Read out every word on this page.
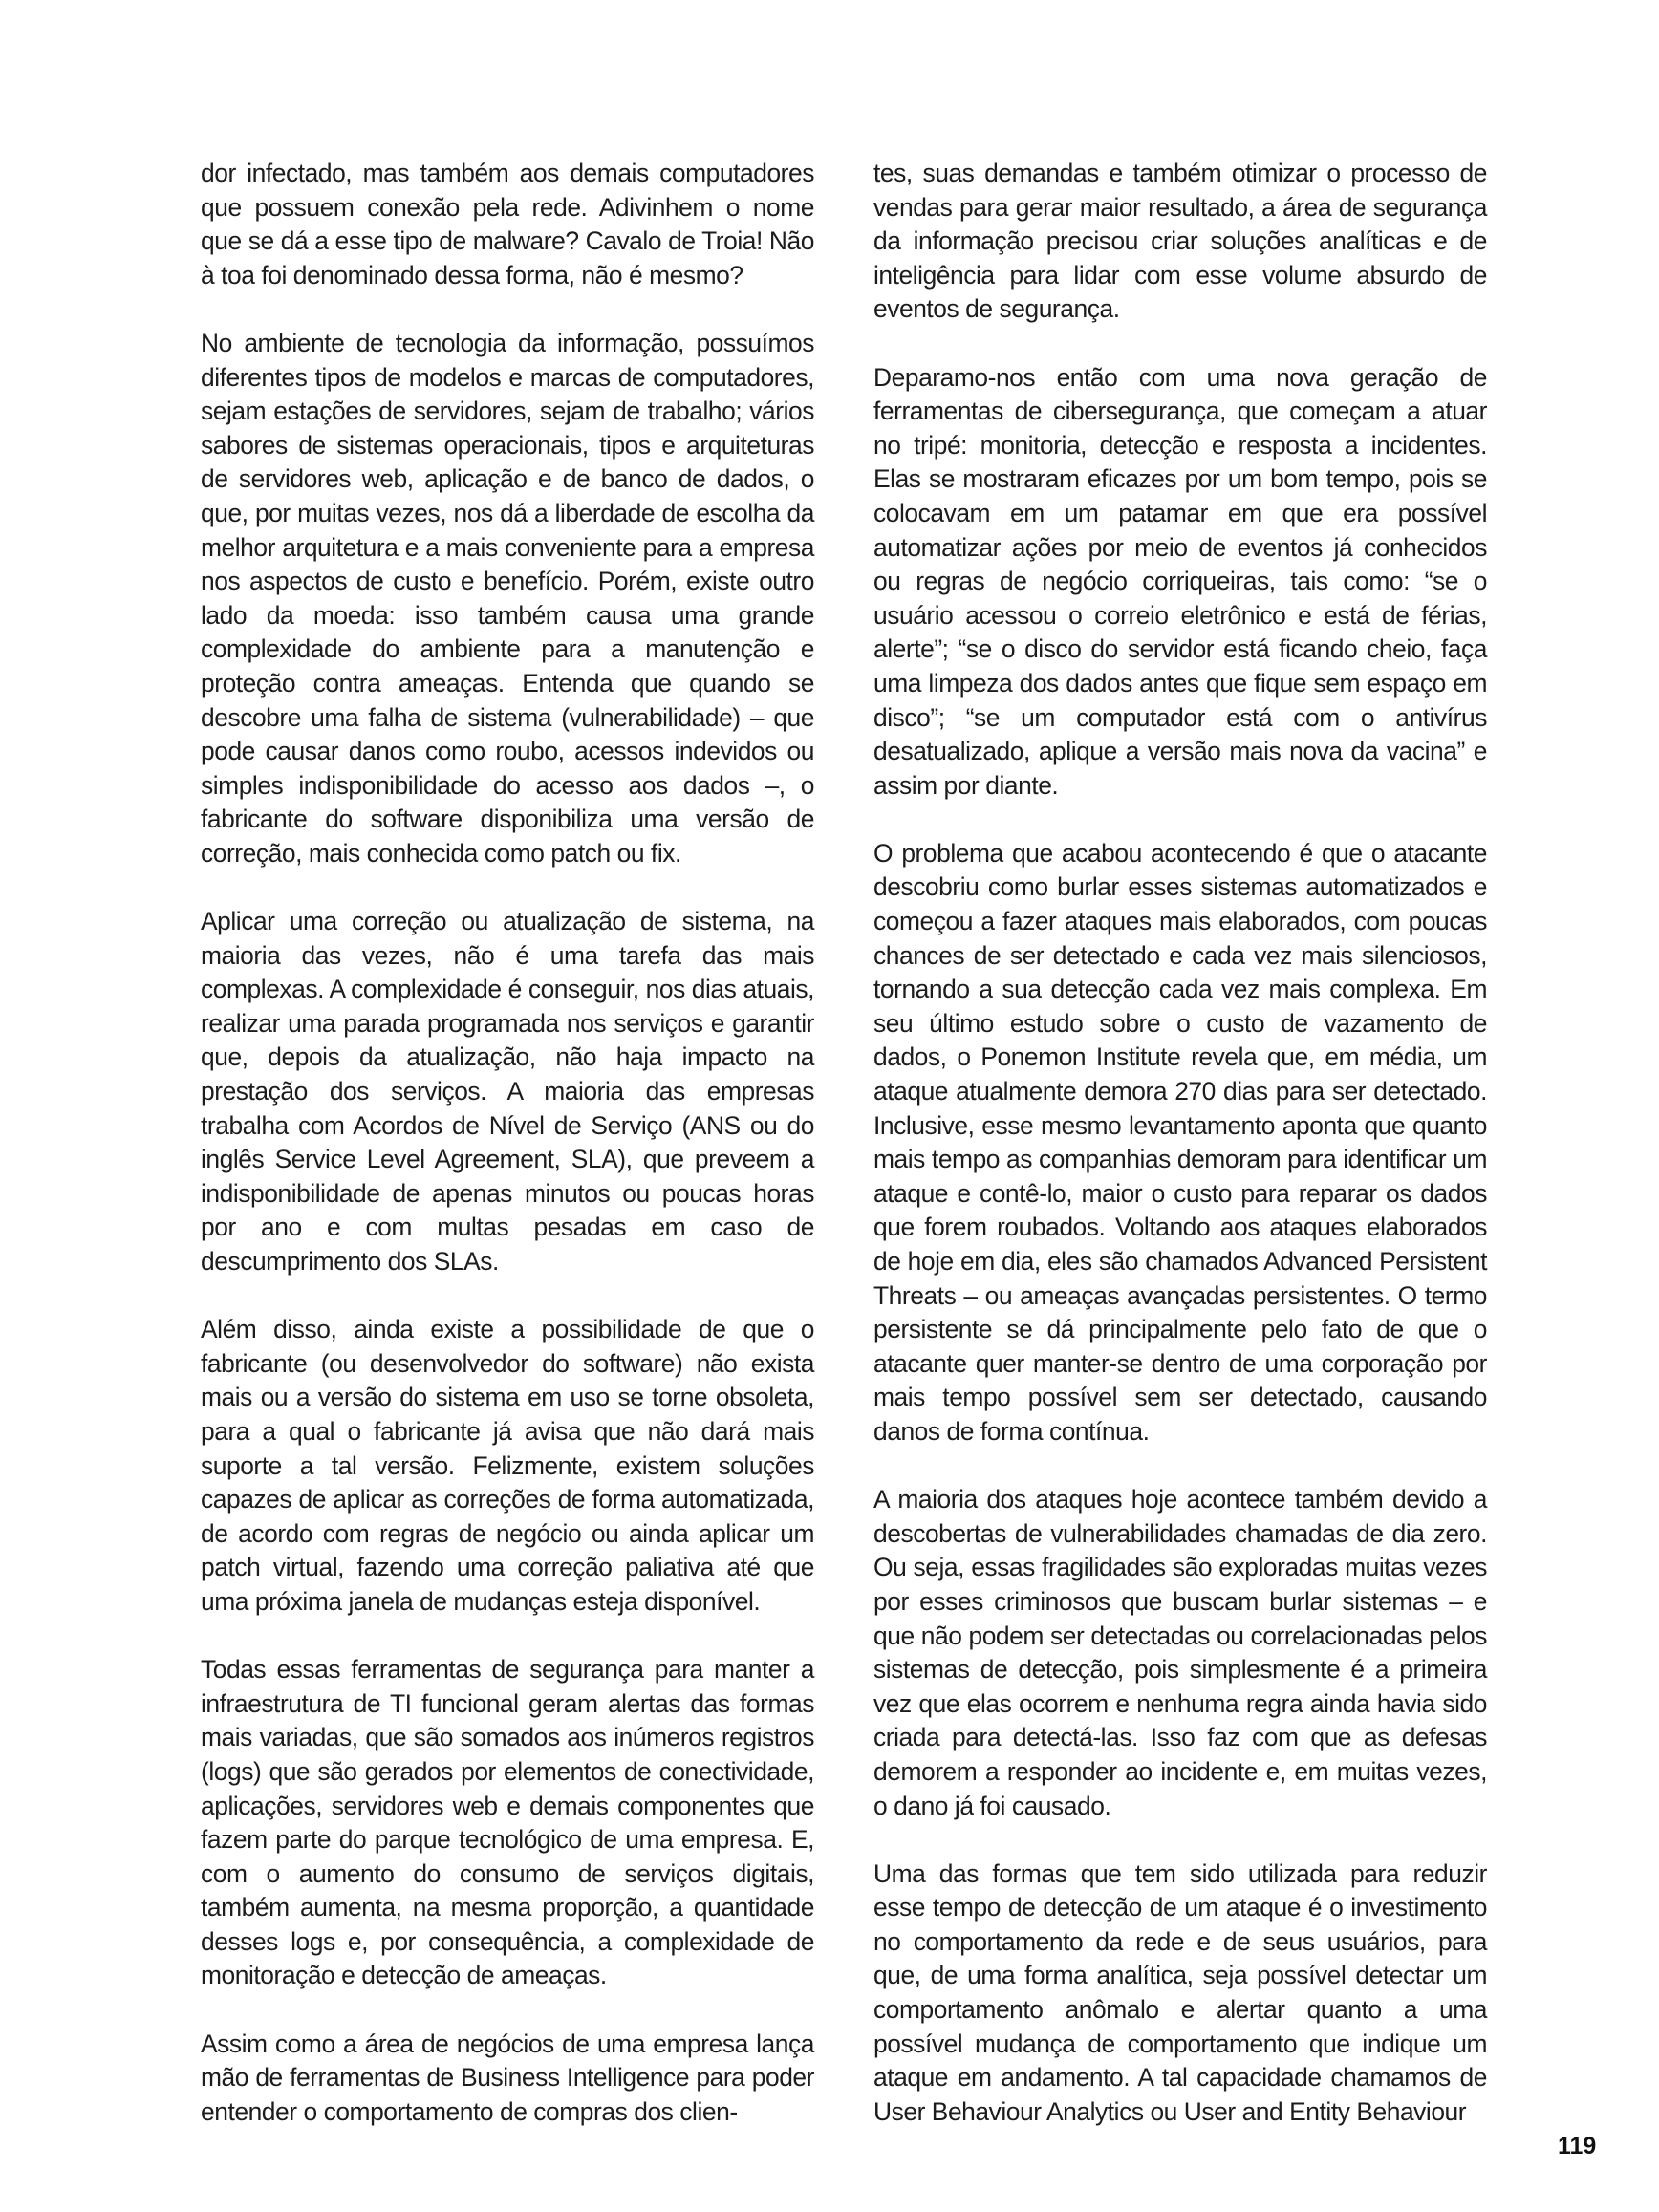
dor infectado, mas também aos demais computadores que possuem conexão pela rede. Adivinhem o nome que se dá a esse tipo de malware? Cavalo de Troia! Não à toa foi denominado dessa forma, não é mesmo?

No ambiente de tecnologia da informação, possuímos diferentes tipos de modelos e marcas de computadores, sejam estações de servidores, sejam de trabalho; vários sabores de sistemas operacionais, tipos e arquiteturas de servidores web, aplicação e de banco de dados, o que, por muitas vezes, nos dá a liberdade de escolha da melhor arquitetura e a mais conveniente para a empresa nos aspectos de custo e benefício. Porém, existe outro lado da moeda: isso também causa uma grande complexidade do ambiente para a manutenção e proteção contra ameaças. Entenda que quando se descobre uma falha de sistema (vulnerabilidade) – que pode causar danos como roubo, acessos indevidos ou simples indisponibilidade do acesso aos dados –, o fabricante do software disponibiliza uma versão de correção, mais conhecida como patch ou fix.

Aplicar uma correção ou atualização de sistema, na maioria das vezes, não é uma tarefa das mais complexas. A complexidade é conseguir, nos dias atuais, realizar uma parada programada nos serviços e garantir que, depois da atualização, não haja impacto na prestação dos serviços. A maioria das empresas trabalha com Acordos de Nível de Serviço (ANS ou do inglês Service Level Agreement, SLA), que preveem a indisponibilidade de apenas minutos ou poucas horas por ano e com multas pesadas em caso de descumprimento dos SLAs.

Além disso, ainda existe a possibilidade de que o fabricante (ou desenvolvedor do software) não exista mais ou a versão do sistema em uso se torne obsoleta, para a qual o fabricante já avisa que não dará mais suporte a tal versão. Felizmente, existem soluções capazes de aplicar as correções de forma automatizada, de acordo com regras de negócio ou ainda aplicar um patch virtual, fazendo uma correção paliativa até que uma próxima janela de mudanças esteja disponível.

Todas essas ferramentas de segurança para manter a infraestrutura de TI funcional geram alertas das formas mais variadas, que são somados aos inúmeros registros (logs) que são gerados por elementos de conectividade, aplicações, servidores web e demais componentes que fazem parte do parque tecnológico de uma empresa. E, com o aumento do consumo de serviços digitais, também aumenta, na mesma proporção, a quantidade desses logs e, por consequência, a complexidade de monitoração e detecção de ameaças.

Assim como a área de negócios de uma empresa lança mão de ferramentas de Business Intelligence para poder entender o comportamento de compras dos clien-

tes, suas demandas e também otimizar o processo de vendas para gerar maior resultado, a área de segurança da informação precisou criar soluções analíticas e de inteligência para lidar com esse volume absurdo de eventos de segurança.

Deparamo-nos então com uma nova geração de ferramentas de cibersegurança, que começam a atuar no tripé: monitoria, detecção e resposta a incidentes. Elas se mostraram eficazes por um bom tempo, pois se colocavam em um patamar em que era possível automatizar ações por meio de eventos já conhecidos ou regras de negócio corriqueiras, tais como: “se o usuário acessou o correio eletrônico e está de férias, alerte”; “se o disco do servidor está ficando cheio, faça uma limpeza dos dados antes que fique sem espaço em disco”; “se um computador está com o antivírus desatualizado, aplique a versão mais nova da vacina” e assim por diante.

O problema que acabou acontecendo é que o atacante descobriu como burlar esses sistemas automatizados e começou a fazer ataques mais elaborados, com poucas chances de ser detectado e cada vez mais silenciosos, tornando a sua detecção cada vez mais complexa. Em seu último estudo sobre o custo de vazamento de dados, o Ponemon Institute revela que, em média, um ataque atualmente demora 270 dias para ser detectado. Inclusive, esse mesmo levantamento aponta que quanto mais tempo as companhias demoram para identificar um ataque e contê-lo, maior o custo para reparar os dados que forem roubados. Voltando aos ataques elaborados de hoje em dia, eles são chamados Advanced Persistent Threats – ou ameaças avançadas persistentes. O termo persistente se dá principalmente pelo fato de que o atacante quer manter-se dentro de uma corporação por mais tempo possível sem ser detectado, causando danos de forma contínua.

A maioria dos ataques hoje acontece também devido a descobertas de vulnerabilidades chamadas de dia zero. Ou seja, essas fragilidades são exploradas muitas vezes por esses criminosos que buscam burlar sistemas – e que não podem ser detectadas ou correlacionadas pelos sistemas de detecção, pois simplesmente é a primeira vez que elas ocorrem e nenhuma regra ainda havia sido criada para detectá-las. Isso faz com que as defesas demorem a responder ao incidente e, em muitas vezes, o dano já foi causado.

Uma das formas que tem sido utilizada para reduzir esse tempo de detecção de um ataque é o investimento no comportamento da rede e de seus usuários, para que, de uma forma analítica, seja possível detectar um comportamento anômalo e alertar quanto a uma possível mudança de comportamento que indique um ataque em andamento. A tal capacidade chamamos de User Behaviour Analytics ou User and Entity Behaviour

119
